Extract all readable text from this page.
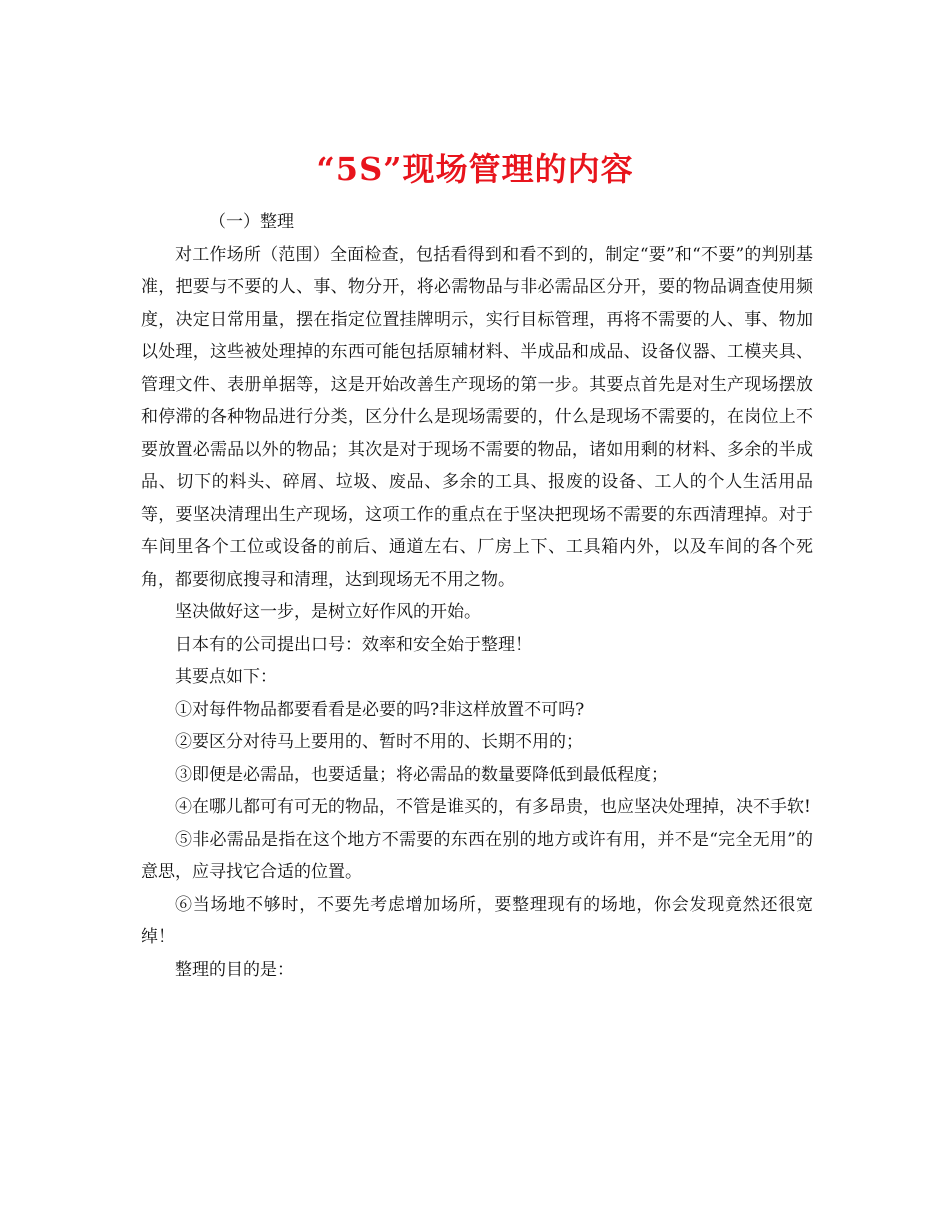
“5S”现场管理的内容

（一）整理

对工作场所（范围）全面检查，包括看得到和看不到的，制定“要”和“不要”的判别基准，把要与不要的人、事、物分开，将必需物品与非必需品区分开，要的物品调查使用频度，决定日常用量，摆在指定位置挂牌明示，实行目标管理，再将不需要的人、事、物加以处理，这些被处理掉的东西可能包括原辅材料、半成品和成品、设备仪器、工模夹具、管理文件、表册单据等，这是开始改善生产现场的第一步。其要点首先是对生产现场摆放和停滞的各种物品进行分类，区分什么是现场需要的，什么是现场不需要的，在岗位上不要放置必需品以外的物品；其次是对于现场不需要的物品，诸如用剩的材料、多余的半成品、切下的料头、碎屑、垃圾、废品、多余的工具、报废的设备、工人的个人生活用品等，要坚决清理出生产现场，这项工作的重点在于坚决把现场不需要的东西清理掉。对于车间里各个工位或设备的前后、通道左右、厂房上下、工具箱内外，以及车间的各个死角，都要彻底搜寻和清理，达到现场无不用之物。

坚决做好这一步，是树立好作风的开始。

日本有的公司提出口号：效率和安全始于整理！

其要点如下：

①对每件物品都要看看是必要的吗?非这样放置不可吗?

②要区分对待马上要用的、暂时不用的、长期不用的；

③即便是必需品，也要适量；将必需品的数量要降低到最低程度；

④在哪儿都可有可无的物品，不管是谁买的，有多昂贵，也应坚决处理掉，决不手软!

⑤非必需品是指在这个地方不需要的东西在别的地方或许有用，并不是“完全无用”的意思，应寻找它合适的位置。

⑥当场地不够时，不要先考虑增加场所，要整理现有的场地，你会发现竟然还很宽绰！

整理的目的是：
